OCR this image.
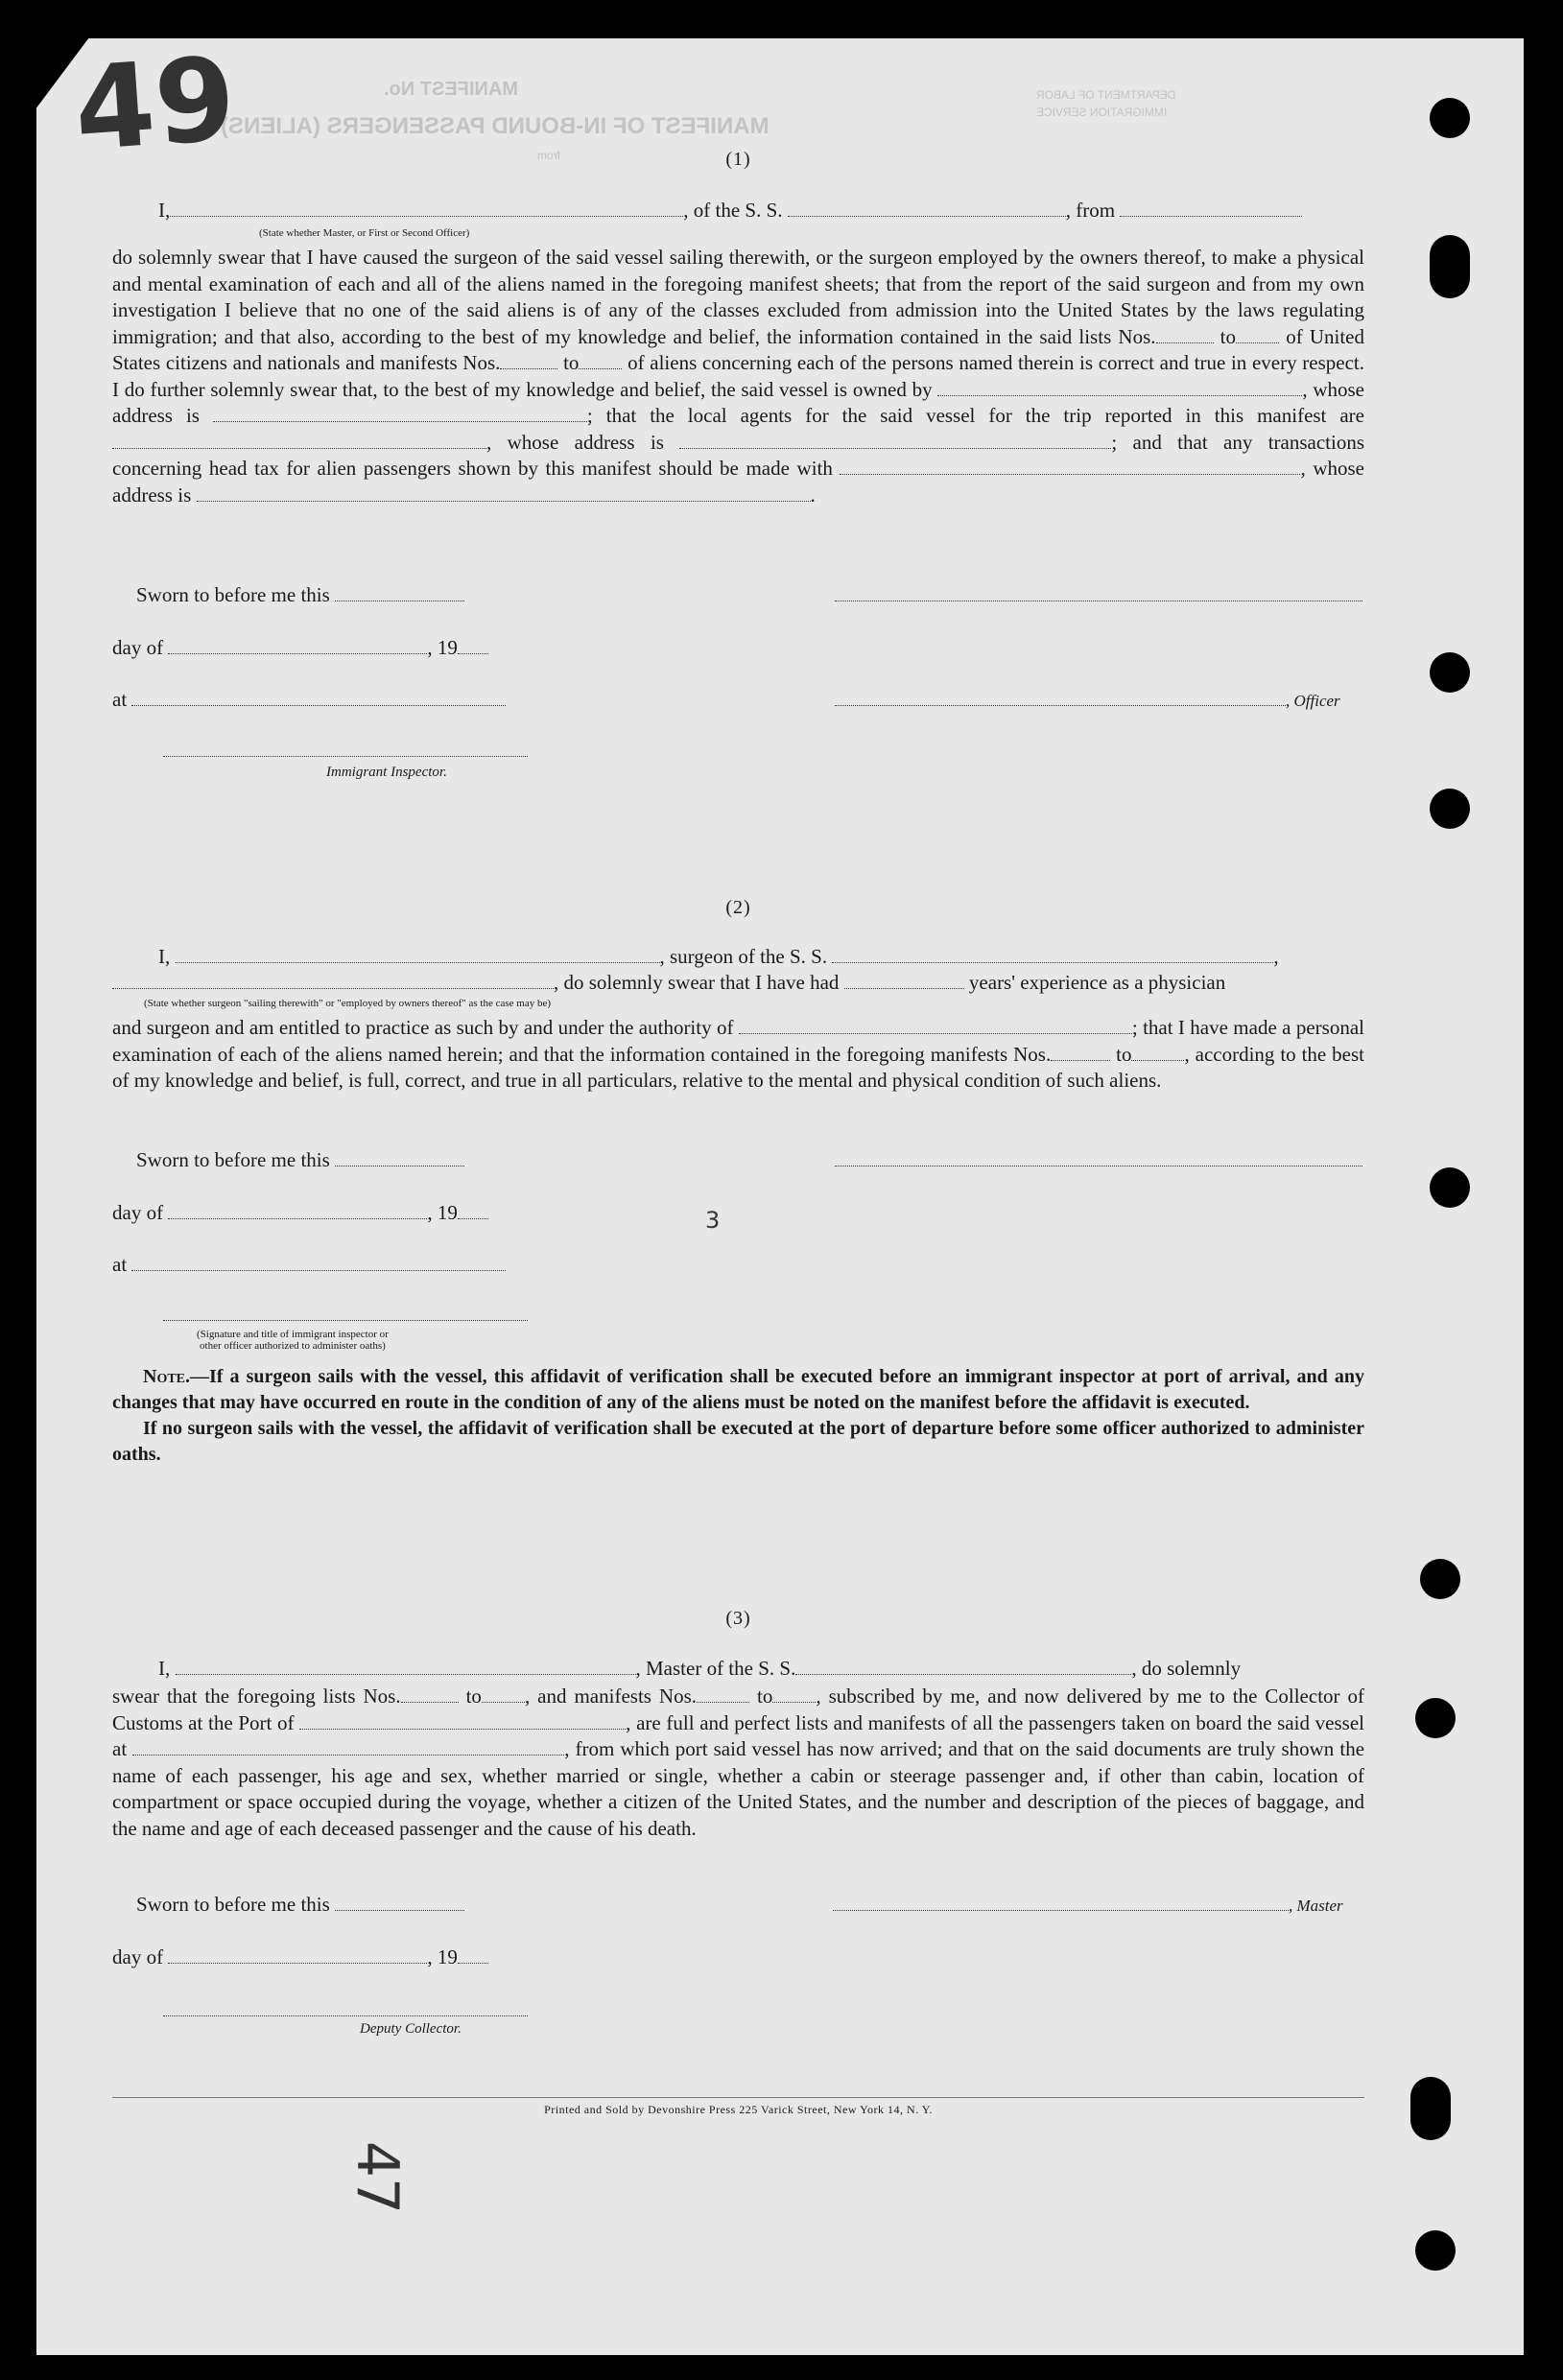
MANIFEST No.
MANIFEST OF IN-BOUND PASSENGERS (ALIENS)
from
DEPARTMENT OF LABOR
IMMIGRATION SERVICE
49
47
(1)
I,	, of the S. S.	, from
(State whether Master, or First or Second Officer)
do solemnly swear that I have caused the surgeon of the said vessel sailing therewith, or the surgeon employed by the owners thereof, to make a physical and mental examination of each and all of the aliens named in the foregoing manifest sheets; that from the report of the said surgeon and from my own investigation I believe that no one of the said aliens is of any of the classes excluded from admission into the United States by the laws regulating immigration; and that also, according to the best of my knowledge and belief, the information contained in the said lists Nos.	to of United States citizens and nationals and manifests Nos.	to of aliens concerning each of the persons named therein is correct and true in every respect. I do further solemnly swear that, to the best of my knowledge and belief, the said vessel is owned by	, whose address is	; that the local agents for the said vessel for the trip reported in this manifest are , whose address is	; and that any transactions concerning head tax for alien passengers shown by this manifest should be made with	, whose address is	.
Sworn to before me this
day of	, 19
at	, Officer
Immigrant Inspector.
(2)
I,	, surgeon of the S. S.	,
, do solemnly swear that I have had	years' experience as a physician
(State whether surgeon "sailing therewith" or "employed by owners thereof" as the case may be)
and surgeon and am entitled to practice as such by and under the authority of	; that I have made a personal examination of each of the aliens named herein; and that the information contained in the foregoing manifests Nos.	to	, according to the best of my knowledge and belief, is full, correct, and true in all particulars, relative to the mental and physical condition of such aliens.
Sworn to before me this
day of	, 19	3
at
(Signature and title of immigrant inspector or
other officer authorized to administer oaths)

Note.—If a surgeon sails with the vessel, this affidavit of verification shall be executed before an immigrant inspector at port of arrival, and any changes that may have occurred en route in the condition of any of the aliens must be noted on the manifest before the affidavit is executed.

If no surgeon sails with the vessel, the affidavit of verification shall be executed at the port of departure before some officer authorized to administer oaths.

(3)
I,	, Master of the S. S.	, do solemnly
swear that the foregoing lists Nos.	to , and manifests Nos.	to , subscribed by me, and now delivered by me to the Collector of Customs at the Port of	, are full and perfect lists and manifests of all the passengers taken on board the said vessel at	, from which port said vessel has now arrived; and that on the said documents are truly shown the name of each passenger, his age and sex, whether married or single, whether a cabin or steerage passenger and, if other than cabin, location of compartment or space occupied during the voyage, whether a citizen of the United States, and the number and description of the pieces of baggage, and the name and age of each deceased passenger and the cause of his death.
Sworn to before me this	, Master
day of	, 19
Deputy Collector.
Printed and Sold by Devonshire Press 225 Varick Street, New York 14, N. Y.
